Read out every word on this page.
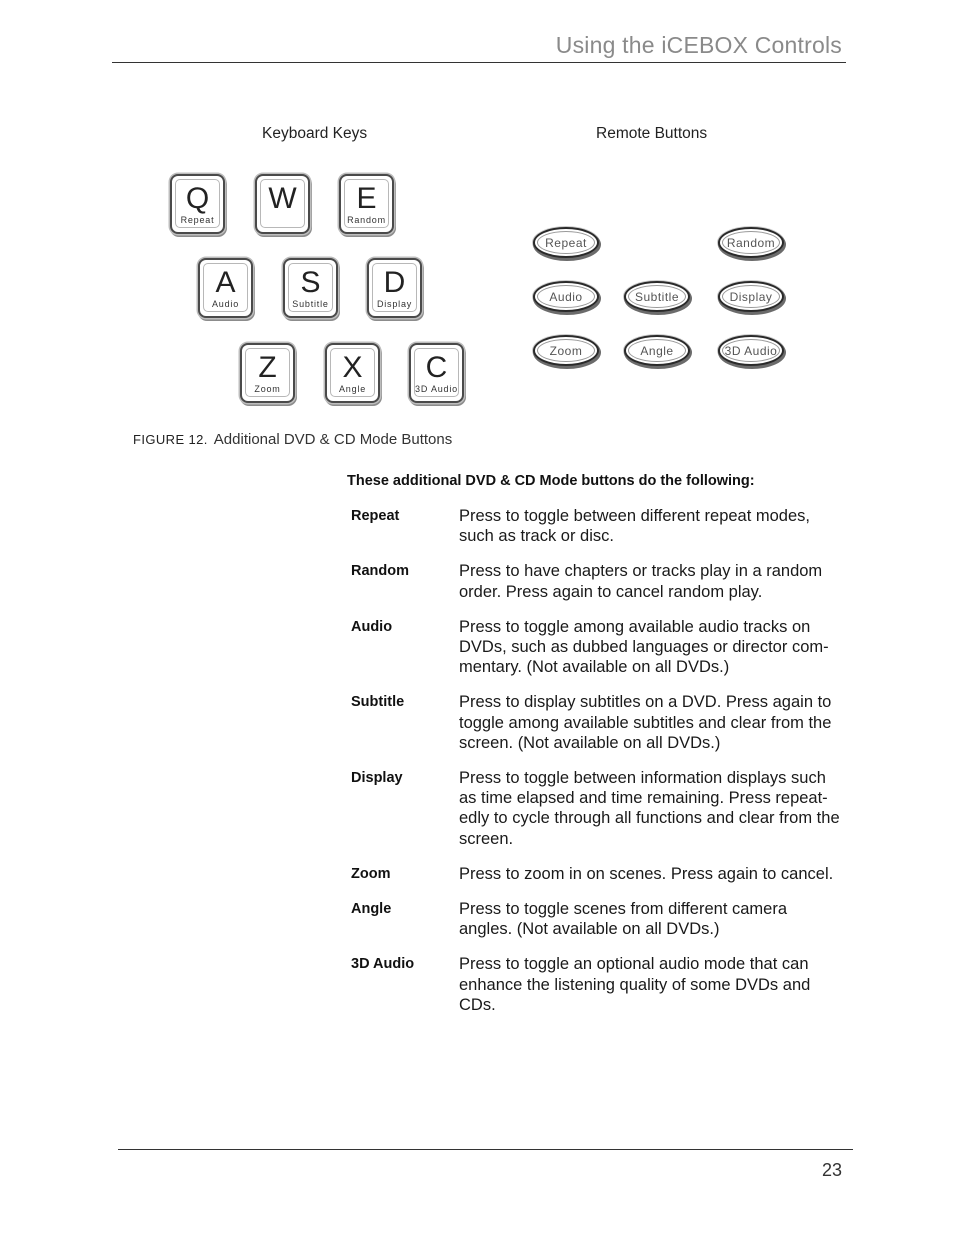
Using the iCEBOX Controls
Keyboard Keys	Remote Buttons
Q
Repeat
W	E
Random
A
Audio
S
Subtitle
D
Display
Z
Zoom
X
Angle
C
3D Audio
Repeat	Random
Audio	Subtitle	Display
Zoom	Angle	3D Audio
FIGURE 12. Additional DVD & CD Mode Buttons
These additional DVD & CD Mode buttons do the following:
Repeat	Press to toggle between different repeat modes, such as track or disc.
Random	Press to have chapters or tracks play in a random order. Press again to cancel random play.
Audio	Press to toggle among available audio tracks on DVDs, such as dubbed languages or director com- mentary. (Not available on all DVDs.)
Subtitle	Press to display subtitles on a DVD. Press again to toggle among available subtitles and clear from the screen. (Not available on all DVDs.)
Display	Press to toggle between information displays such as time elapsed and time remaining. Press repeat- edly to cycle through all functions and clear from the screen.
Zoom	Press to zoom in on scenes. Press again to cancel.
Angle	Press to toggle scenes from different camera angles. (Not available on all DVDs.)
3D Audio	Press to toggle an optional audio mode that can enhance the listening quality of some DVDs and CDs.
23
